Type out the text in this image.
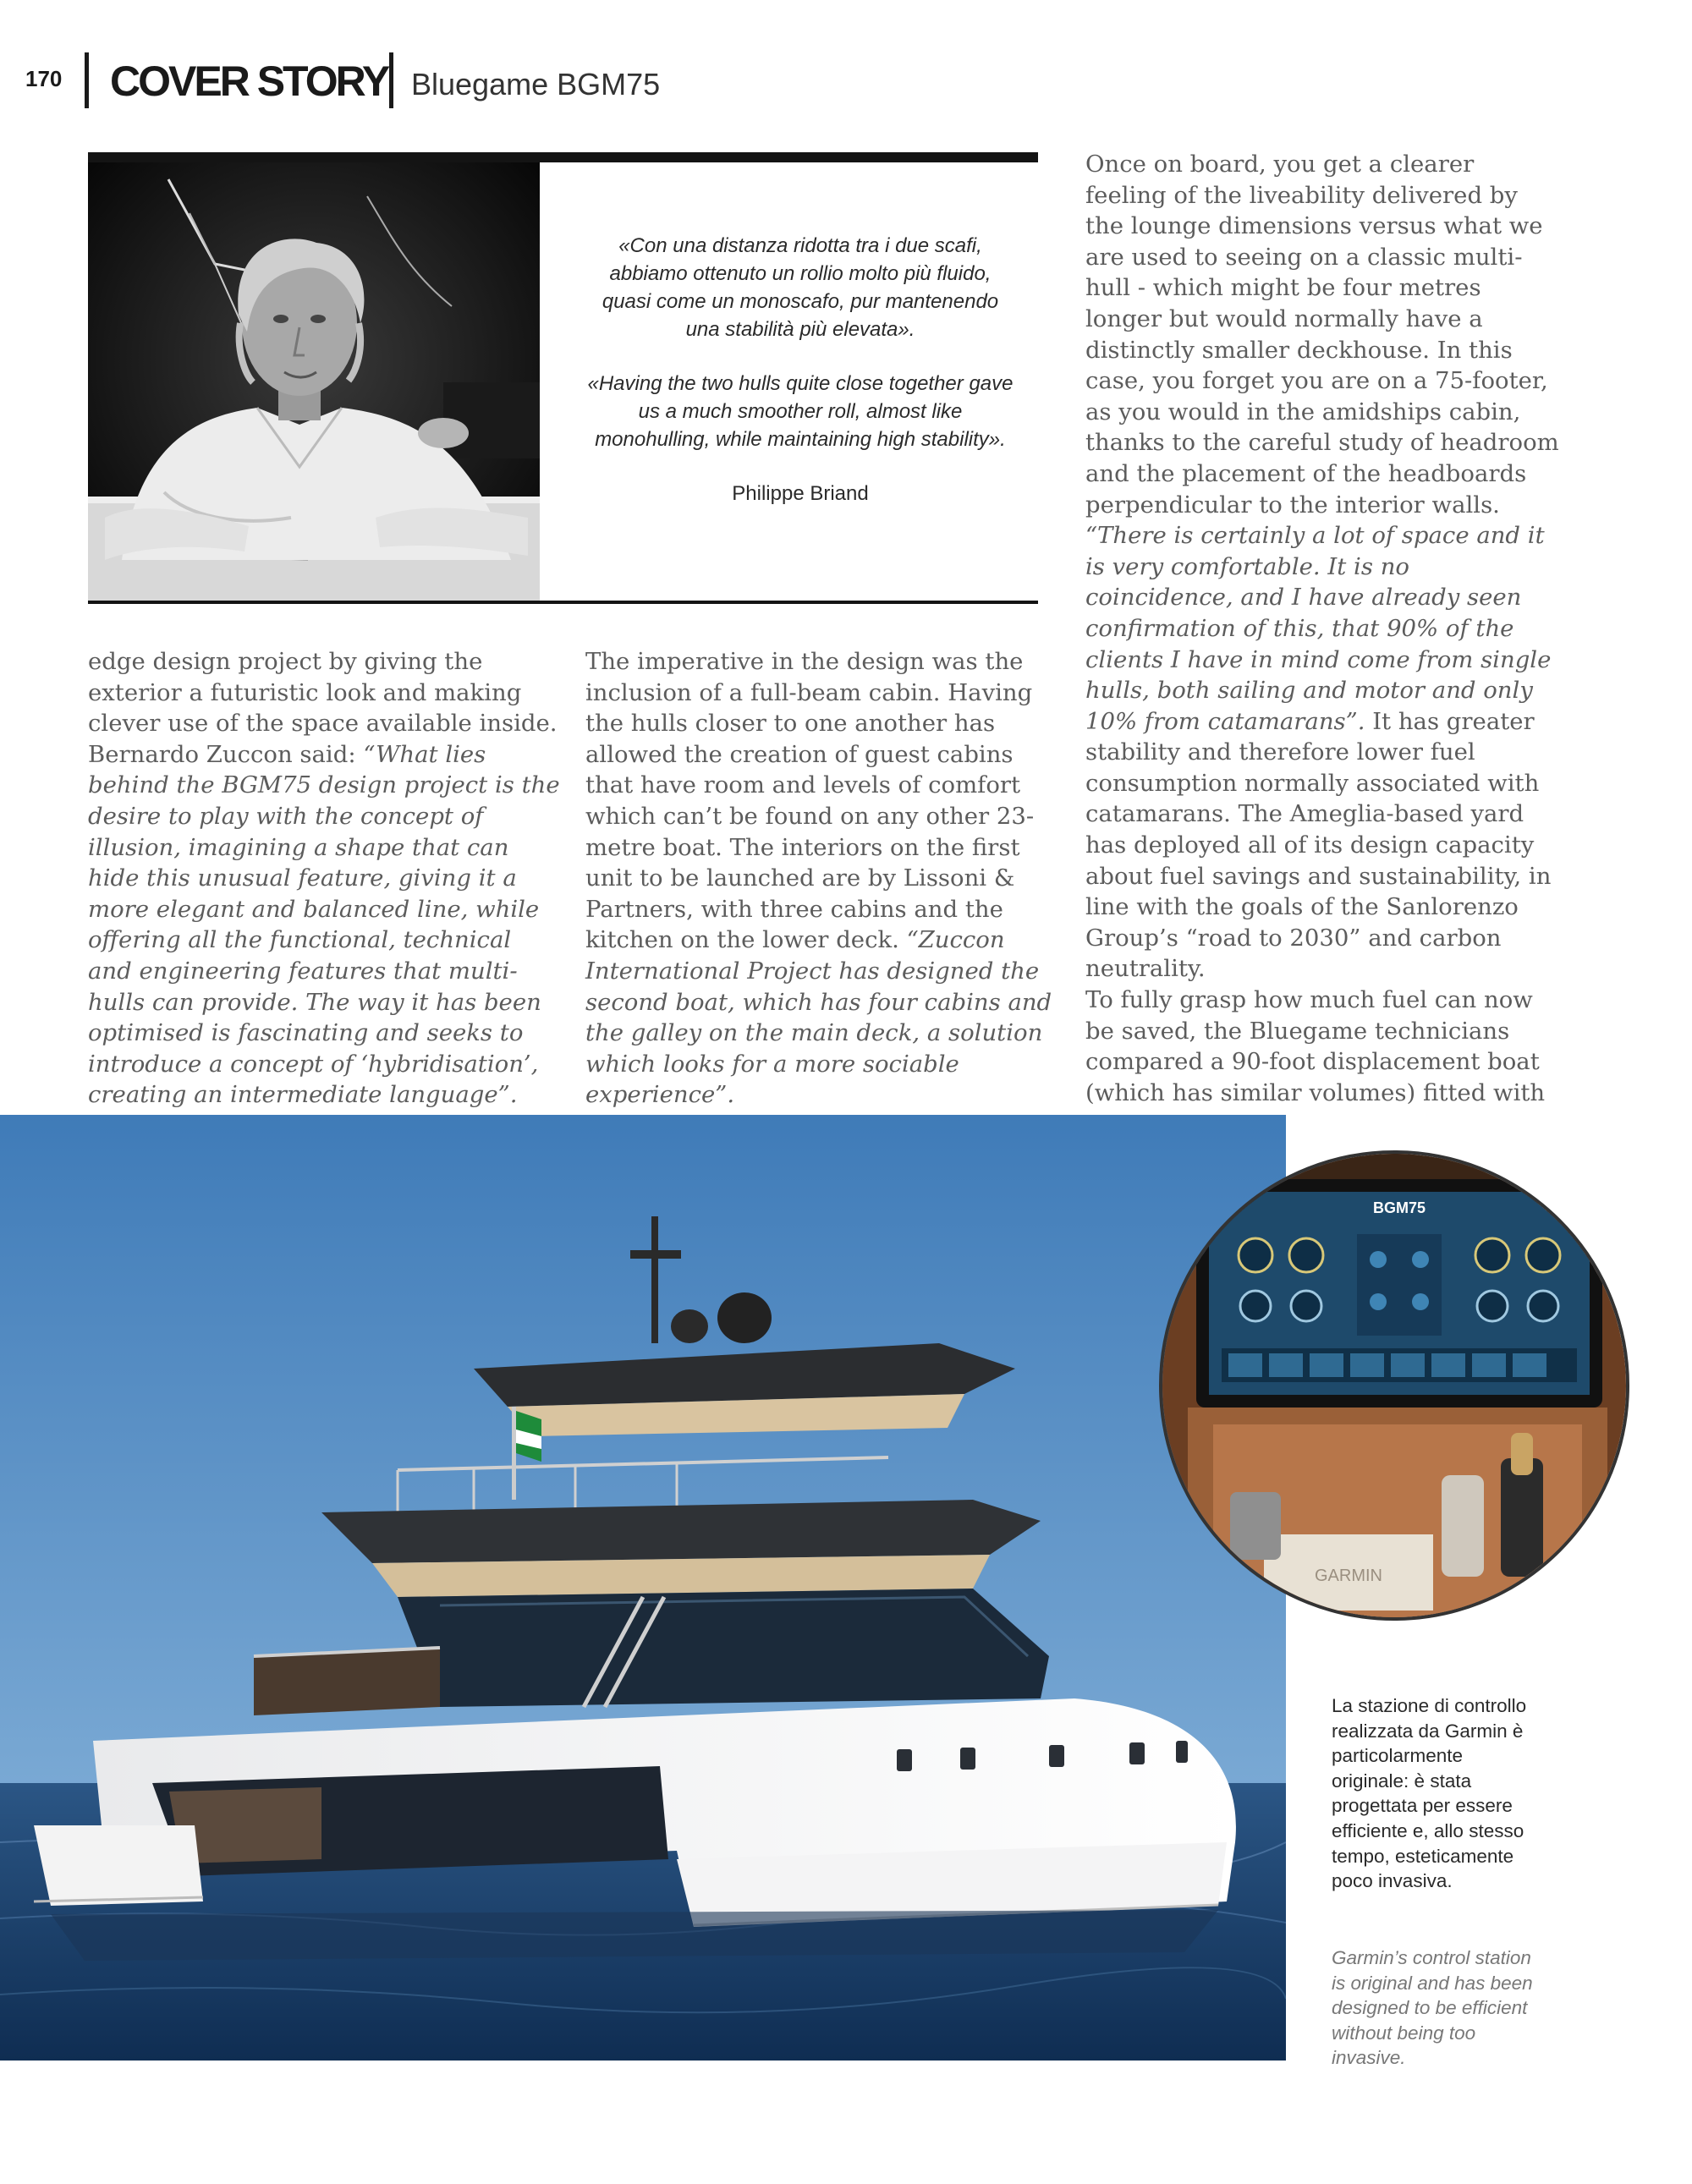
170 COVER STORY Bluegame BGM75

«Con una distanza ridotta tra i due scafi, abbiamo ottenuto un rollio molto più fluido, quasi come un monoscafo, pur mantenendo una stabilità più elevata».

«Having the two hulls quite close together gave us a much smoother roll, almost like monohulling, while maintaining high stability».

Philippe Briand

edge design project by giving the exterior a futuristic look and making clever use of the space available inside. Bernardo Zuccon said: “What lies behind the BGM75 design project is the desire to play with the concept of illusion, imagining a shape that can hide this unusual feature, giving it a more elegant and balanced line, while offering all the functional, technical and engineering features that multi-hulls can provide. The way it has been optimised is fascinating and seeks to introduce a concept of ‘hybridisation’, creating an intermediate language”.

The imperative in the design was the inclusion of a full-beam cabin. Having the hulls closer to one another has allowed the creation of guest cabins that have room and levels of comfort which can’t be found on any other 23-metre boat. The interiors on the first unit to be launched are by Lissoni & Partners, with three cabins and the kitchen on the lower deck. “Zuccon International Project has designed the second boat, which has four cabins and the galley on the main deck, a solution which looks for a more sociable experience”.

Once on board, you get a clearer feeling of the liveability delivered by the lounge dimensions versus what we are used to seeing on a classic multi-hull - which might be four metres longer but would normally have a distinctly smaller deckhouse. In this case, you forget you are on a 75-footer, as you would in the amidships cabin, thanks to the careful study of headroom and the placement of the headboards perpendicular to the interior walls.

“There is certainly a lot of space and it is very comfortable. It is no coincidence, and I have already seen confirmation of this, that 90% of the clients I have in mind come from single hulls, both sailing and motor and only 10% from catamarans”. It has greater stability and therefore lower fuel consumption normally associated with catamarans. The Ameglia-based yard has deployed all of its design capacity about fuel savings and sustainability, in line with the goals of the Sanlorenzo Group’s “road to 2030” and carbon neutrality.

To fully grasp how much fuel can now be saved, the Bluegame technicians compared a 90-foot displacement boat (which has similar volumes) fitted with

BGM75
GARMIN
La stazione di controllo realizzata da Garmin è particolarmente originale: è stata progettata per essere efficiente e, allo stesso tempo, esteticamente poco invasiva.
Garmin’s control station is original and has been designed to be efficient without being too invasive.
